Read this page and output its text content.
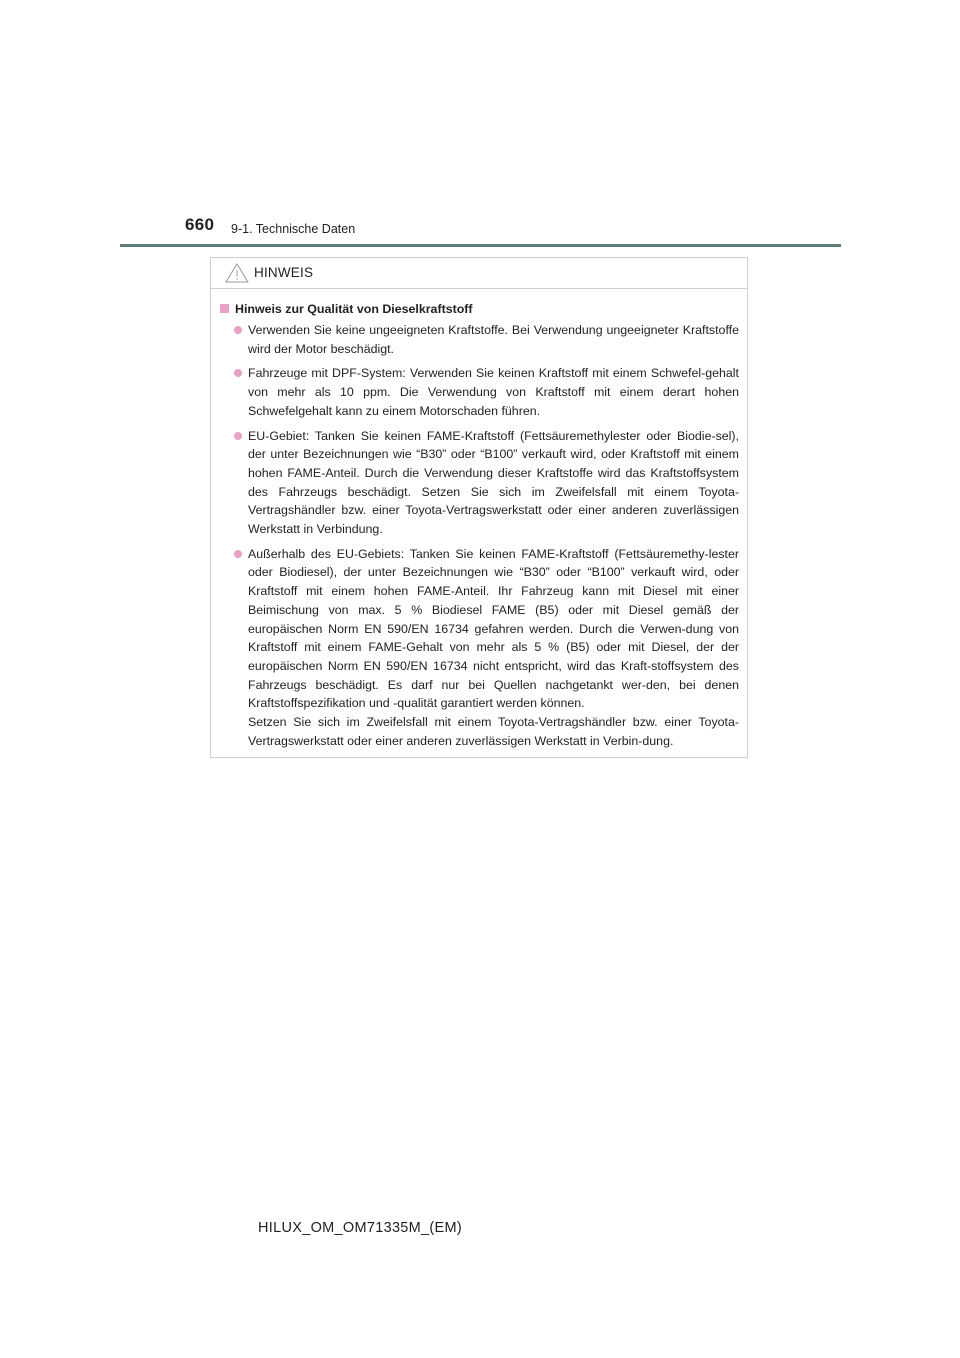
660 9-1. Technische Daten
HINWEIS
Hinweis zur Qualität von Dieselkraftstoff
Verwenden Sie keine ungeeigneten Kraftstoffe. Bei Verwendung ungeeigneter Kraftstoffe wird der Motor beschädigt.
Fahrzeuge mit DPF-System: Verwenden Sie keinen Kraftstoff mit einem Schwefel-gehalt von mehr als 10 ppm. Die Verwendung von Kraftstoff mit einem derart hohen Schwefelgehalt kann zu einem Motorschaden führen.
EU-Gebiet: Tanken Sie keinen FAME-Kraftstoff (Fettsäuremethylester oder Biodie-sel), der unter Bezeichnungen wie “B30” oder “B100” verkauft wird, oder Kraftstoff mit einem hohen FAME-Anteil. Durch die Verwendung dieser Kraftstoffe wird das Kraftstoffsystem des Fahrzeugs beschädigt. Setzen Sie sich im Zweifelsfall mit einem Toyota-Vertragshändler bzw. einer Toyota-Vertragswerkstatt oder einer anderen zuverlässigen Werkstatt in Verbindung.
Außerhalb des EU-Gebiets: Tanken Sie keinen FAME-Kraftstoff (Fettsäuremethy-lester oder Biodiesel), der unter Bezeichnungen wie “B30” oder “B100” verkauft wird, oder Kraftstoff mit einem hohen FAME-Anteil. Ihr Fahrzeug kann mit Diesel mit einer Beimischung von max. 5 % Biodiesel FAME (B5) oder mit Diesel gemäß der europäischen Norm EN 590/EN 16734 gefahren werden. Durch die Verwen-dung von Kraftstoff mit einem FAME-Gehalt von mehr als 5 % (B5) oder mit Diesel, der der europäischen Norm EN 590/EN 16734 nicht entspricht, wird das Kraft-stoffsystem des Fahrzeugs beschädigt. Es darf nur bei Quellen nachgetankt wer-den, bei denen Kraftstoffspezifikation und -qualität garantiert werden können.
Setzen Sie sich im Zweifelsfall mit einem Toyota-Vertragshändler bzw. einer Toyota-Vertragswerkstatt oder einer anderen zuverlässigen Werkstatt in Verbin-dung.
HILUX_OM_OM71335M_(EM)
